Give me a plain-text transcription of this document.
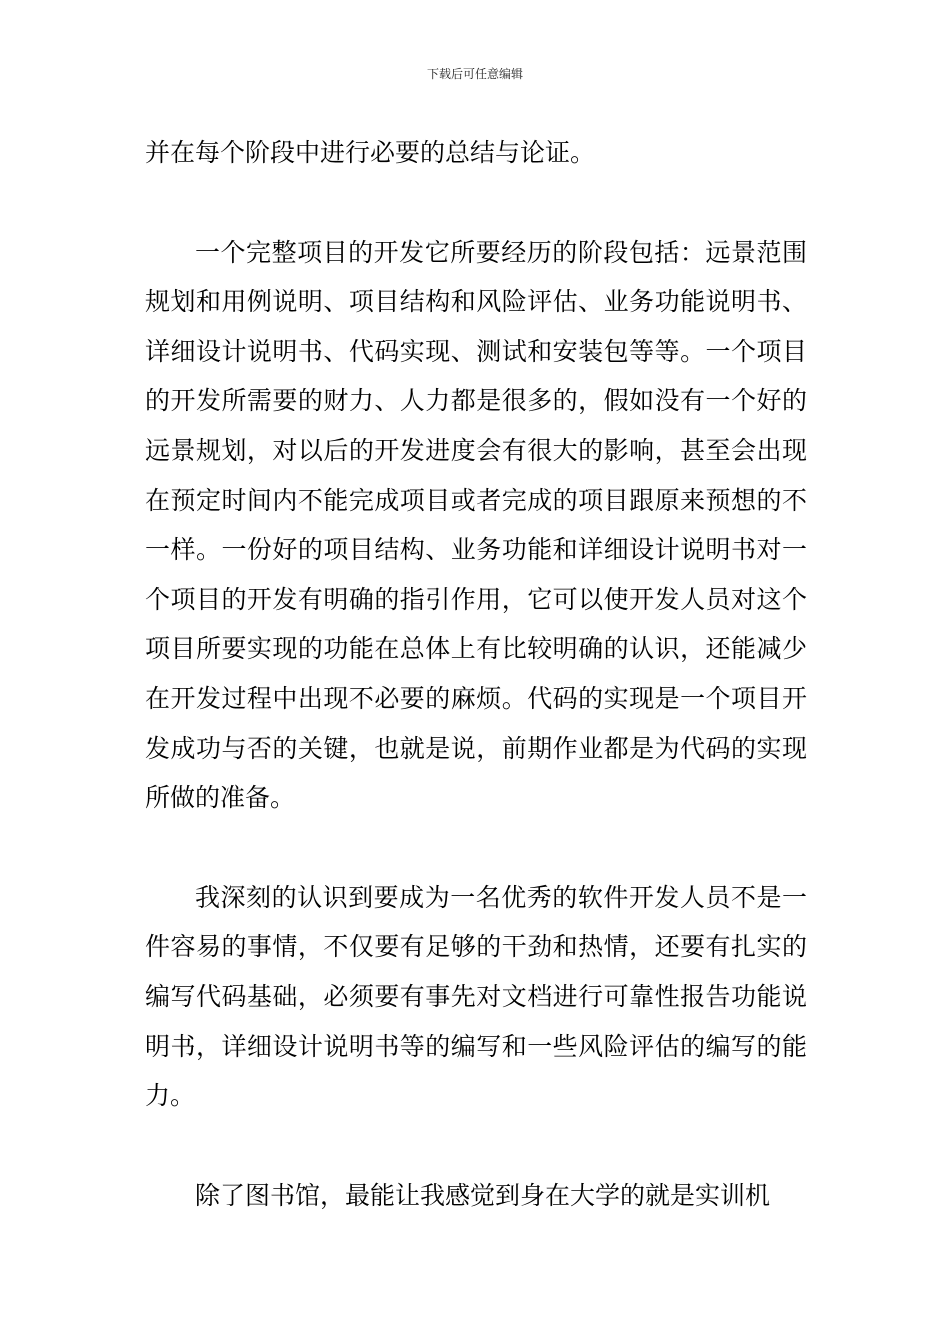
下载后可任意编辑

并在每个阶段中进行必要的总结与论证。

一个完整项目的开发它所要经历的阶段包括：远景范围规划和用例说明、项目结构和风险评估、业务功能说明书、详细设计说明书、代码实现、测试和安装包等等。一个项目的开发所需要的财力、人力都是很多的，假如没有一个好的远景规划，对以后的开发进度会有很大的影响，甚至会出现在预定时间内不能完成项目或者完成的项目跟原来预想的不一样。一份好的项目结构、业务功能和详细设计说明书对一个项目的开发有明确的指引作用，它可以使开发人员对这个项目所要实现的功能在总体上有比较明确的认识，还能减少在开发过程中出现不必要的麻烦。代码的实现是一个项目开发成功与否的关键，也就是说，前期作业都是为代码的实现所做的准备。

我深刻的认识到要成为一名优秀的软件开发人员不是一件容易的事情，不仅要有足够的干劲和热情，还要有扎实的编写代码基础，必须要有事先对文档进行可靠性报告功能说明书，详细设计说明书等的编写和一些风险评估的编写的能力。

除了图书馆，最能让我感觉到身在大学的就是实训机
